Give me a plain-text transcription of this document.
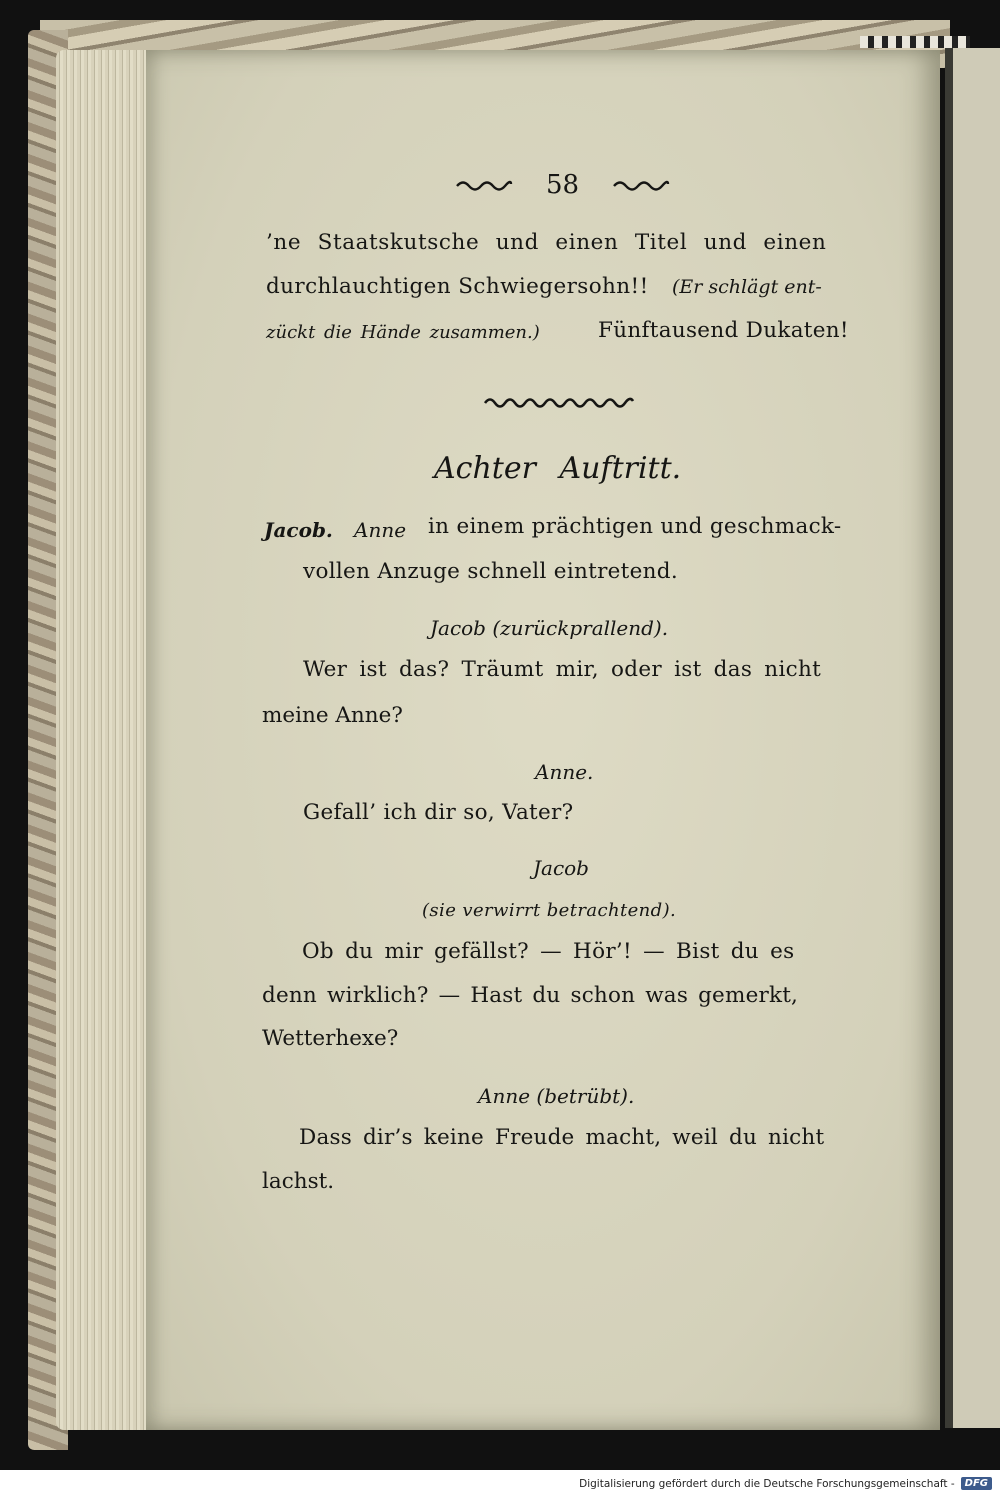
58
’ne Staatskutsche und einen Titel und einen
durchlauchtigen Schwiegersohn!! (Er schlägt ent-
zückt die Hände zusammen.)	Fünftausend Dukaten!
Achter Auftritt.
Jacob. Anne in einem prächtigen und geschmack-
vollen Anzuge schnell eintretend.
Jacob (zurückprallend).
Wer ist das? Träumt mir, oder ist das nicht
meine Anne?
Anne.
Gefall’ ich dir so, Vater?
Jacob
(sie verwirrt betrachtend).
Ob du mir gefällst? — Hör’! — Bist du es
denn wirklich? — Hast du schon was gemerkt,
Wetterhexe?
Anne (betrübt).
Dass dir’s keine Freude macht, weil du nicht
lachst.
Digitalisierung gefördert durch die Deutsche Forschungsgemeinschaft -	DFG
